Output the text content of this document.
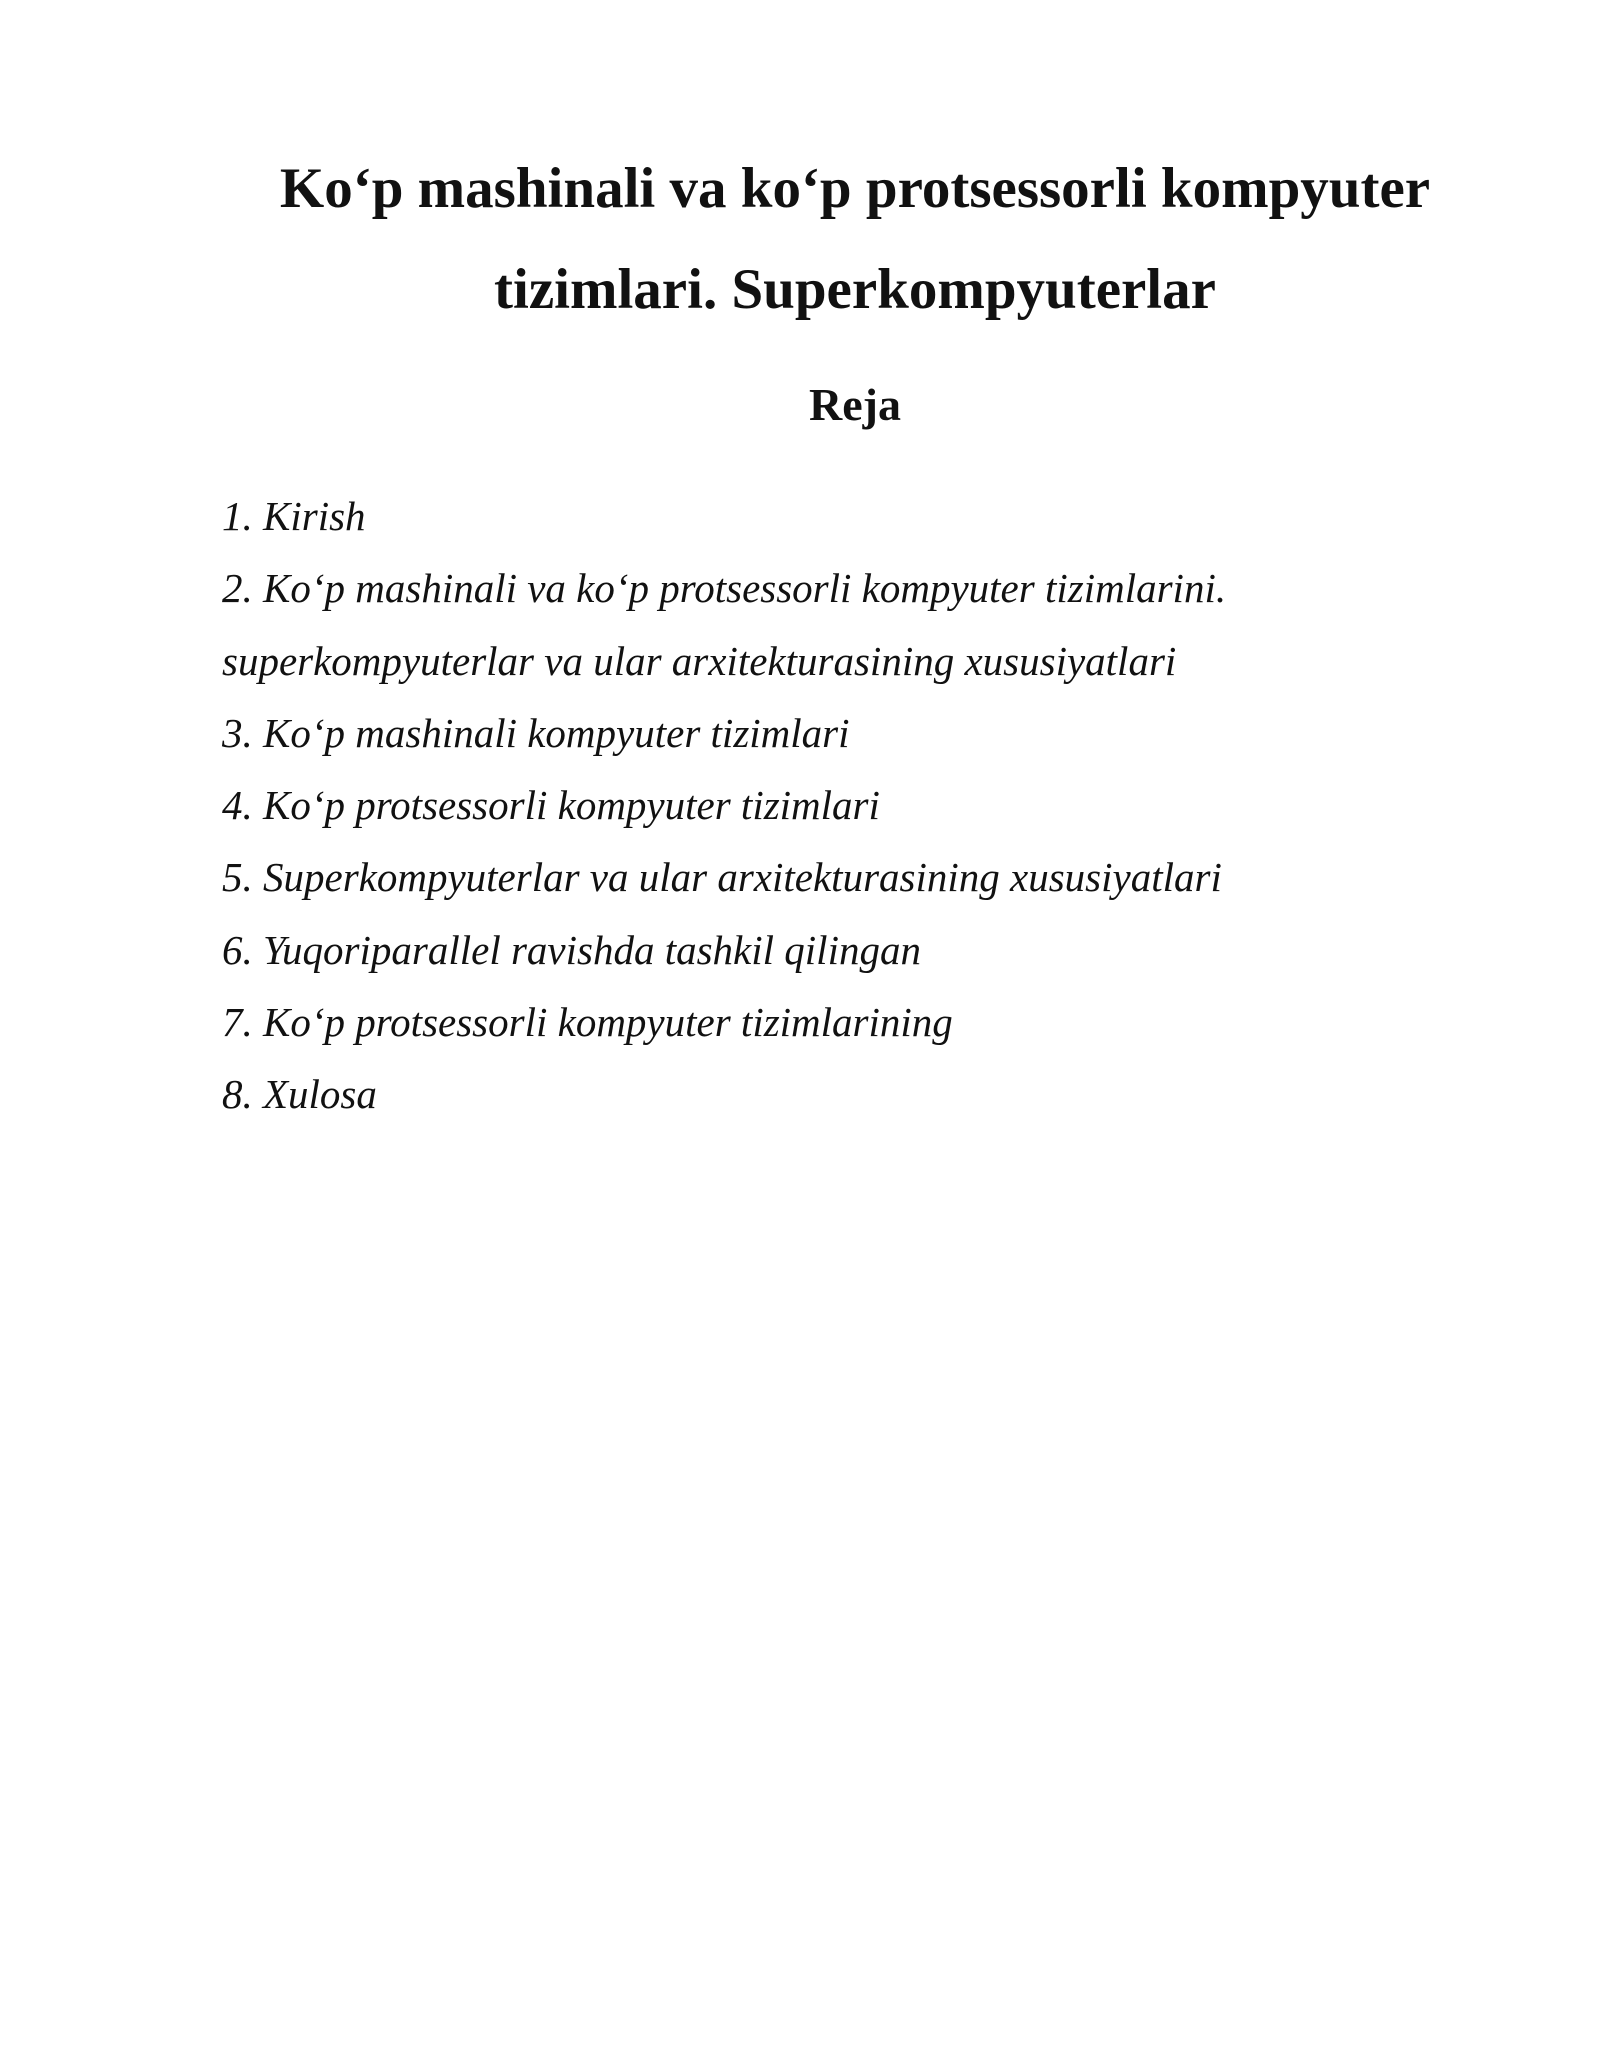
Ko‘p mashinali va ko‘p protsessorli kompyuter
tizimlari. Superkompyuterlar
Reja
1. Kirish
2. Ko‘p mashinali va ko‘p protsessorli kompyuter tizimlarini.
superkompyuterlar va ular arxitekturasining xususiyatlari
3. Ko‘p mashinali kompyuter tizimlari
4. Ko‘p protsessorli kompyuter tizimlari
5. Superkompyuterlar va ular arxitekturasining xususiyatlari
6. Yuqoriparallel ravishda tashkil qilingan
7. Ko‘p protsessorli kompyuter tizimlarining
8. Xulosa
